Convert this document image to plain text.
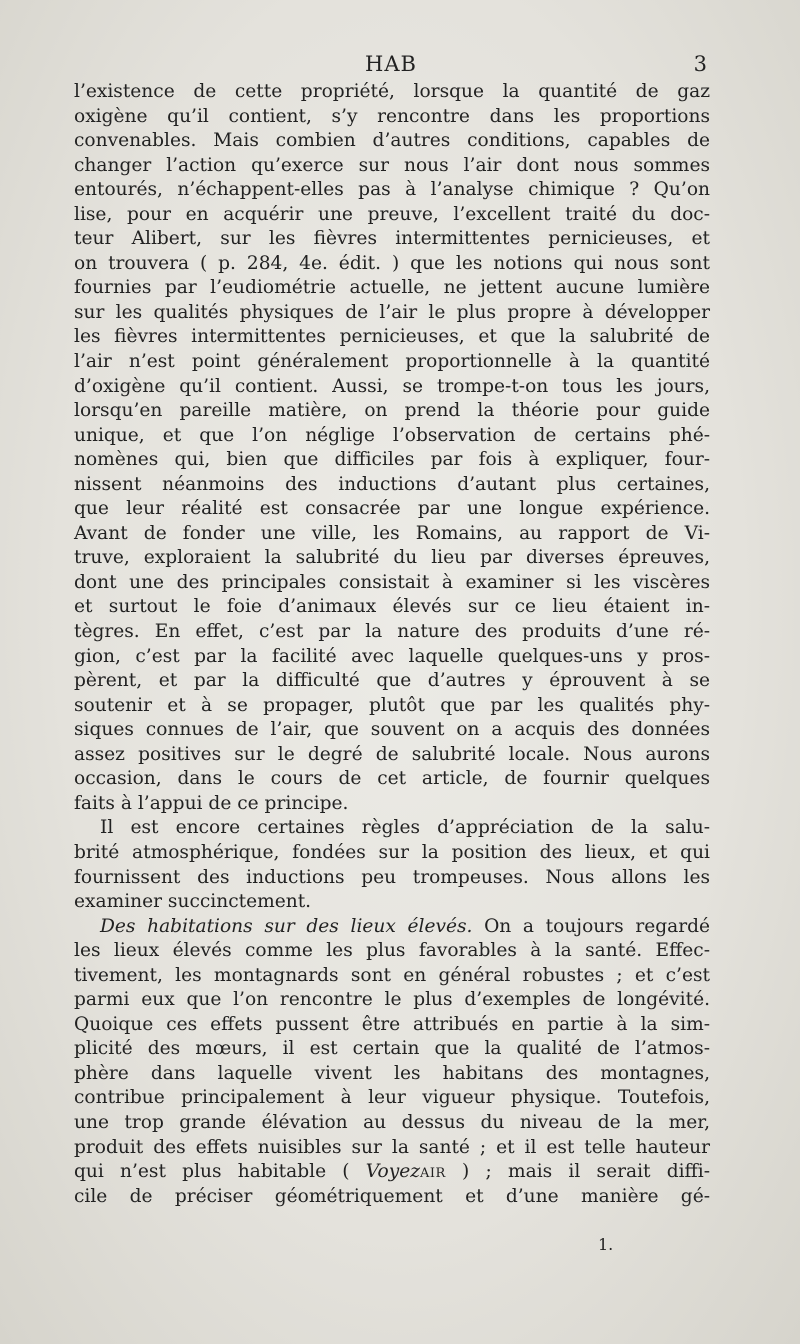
HAB	3
l’existence de cette propriété, lorsque la quantité de gaz
oxigène qu’il contient, s’y rencontre dans les proportions
convenables. Mais combien d’autres conditions, capables de
changer l’action qu’exerce sur nous l’air dont nous sommes
entourés, n’échappent-elles pas à l’analyse chimique ? Qu’on
lise, pour en acquérir une preuve, l’excellent traité du doc-
teur Alibert, sur les fièvres intermittentes pernicieuses, et
on trouvera ( p. 284, 4e. édit. ) que les notions qui nous sont
fournies par l’eudiométrie actuelle, ne jettent aucune lumière
sur les qualités physiques de l’air le plus propre à développer
les fièvres intermittentes pernicieuses, et que la salubrité de
l’air n’est point généralement proportionnelle à la quantité
d’oxigène qu’il contient. Aussi, se trompe-t-on tous les jours,
lorsqu’en pareille matière, on prend la théorie pour guide
unique, et que l’on néglige l’observation de certains phé-
nomènes qui, bien que difficiles par fois à expliquer, four-
nissent néanmoins des inductions d’autant plus certaines,
que leur réalité est consacrée par une longue expérience.
Avant de fonder une ville, les Romains, au rapport de Vi-
truve, exploraient la salubrité du lieu par diverses épreuves,
dont une des principales consistait à examiner si les viscères
et surtout le foie d’animaux élevés sur ce lieu étaient in-
tègres. En effet, c’est par la nature des produits d’une ré-
gion, c’est par la facilité avec laquelle quelques-uns y pros-
pèrent, et par la difficulté que d’autres y éprouvent à se
soutenir et à se propager, plutôt que par les qualités phy-
siques connues de l’air, que souvent on a acquis des données
assez positives sur le degré de salubrité locale. Nous aurons
occasion, dans le cours de cet article, de fournir quelques
faits à l’appui de ce principe.
Il est encore certaines règles d’appréciation de la salu-
brité atmosphérique, fondées sur la position des lieux, et qui
fournissent des inductions peu trompeuses. Nous allons les
examiner succinctement.
Des habitations sur des lieux élevés. On a toujours regardé
les lieux élevés comme les plus favorables à la santé. Effec-
tivement, les montagnards sont en général robustes ; et c’est
parmi eux que l’on rencontre le plus d’exemples de longévité.
Quoique ces effets pussent être attribués en partie à la sim-
plicité des mœurs, il est certain que la qualité de l’atmos-
phère dans laquelle vivent les habitans des montagnes,
contribue principalement à leur vigueur physique. Toutefois,
une trop grande élévation au dessus du niveau de la mer,
produit des effets nuisibles sur la santé ; et il est telle hauteur
qui n’est plus habitable ( VoyezAIR ) ; mais il serait diffi-
cile de préciser géométriquement et d’une manière gé-
1.
